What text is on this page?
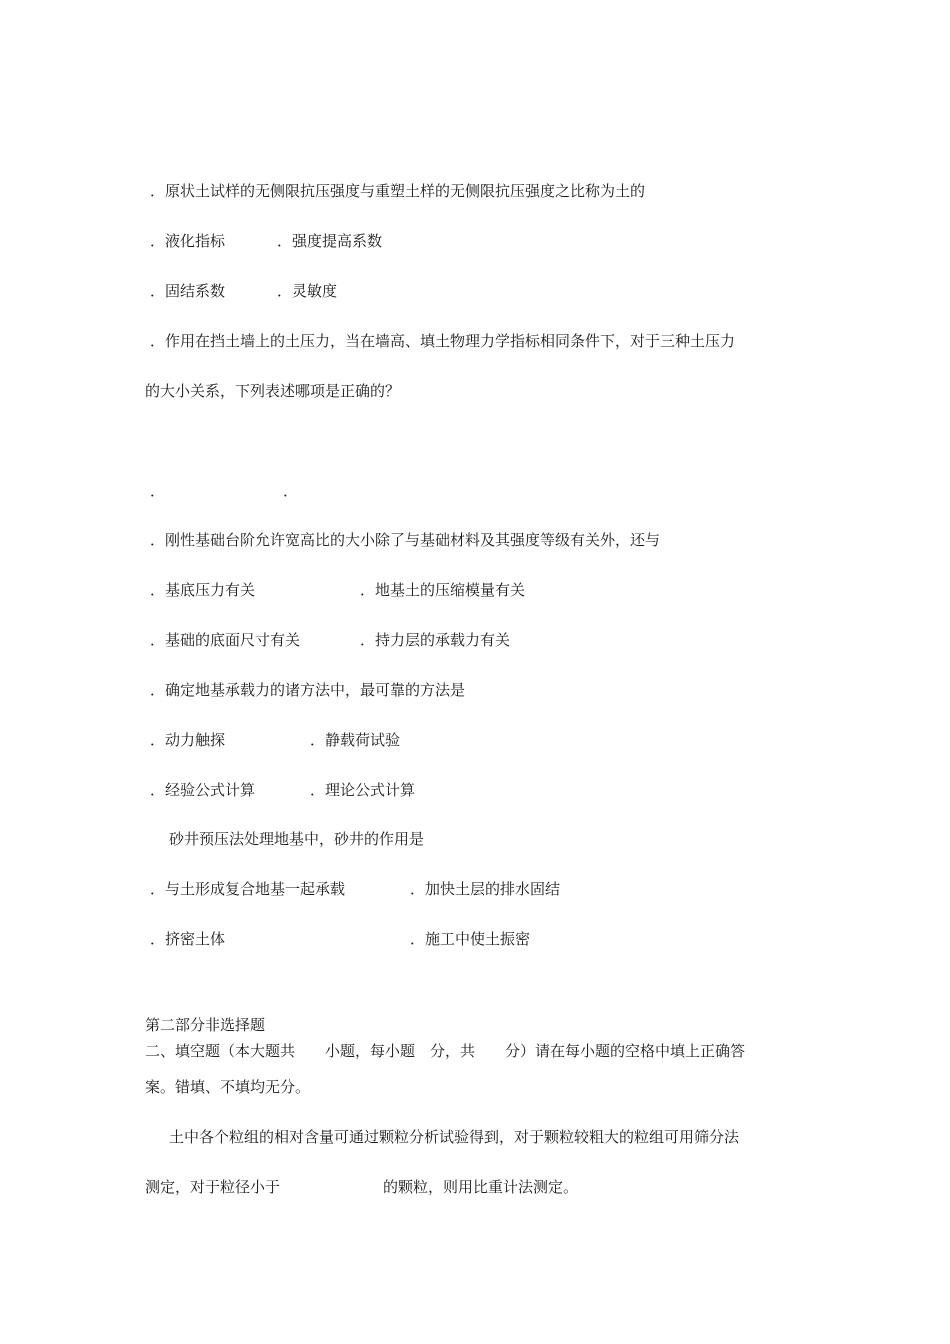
．原状土试样的无侧限抗压强度与重塑土样的无侧限抗压强度之比称为土的

．液化指标	．强度提高系数

．固结系数	．灵敏度

．作用在挡土墙上的土压力，当在墙高、填土物理力学指标相同条件下，对于三种土压力

的大小关系，下列表述哪项是正确的？

．	．

．刚性基础台阶允许宽高比的大小除了与基础材料及其强度等级有关外，还与

．基底压力有关	．地基土的压缩模量有关

．基础的底面尺寸有关	．持力层的承载力有关

．确定地基承载力的诸方法中，最可靠的方法是

．动力触探	．静载荷试验

．经验公式计算	．理论公式计算

砂井预压法处理地基中，砂井的作用是

．与土形成复合地基一起承载	．加快土层的排水固结

．挤密土体	．施工中使土振密

第二部分非选择题

二、填空题（本大题共　　小题，每小题　分，共　　分）请在每小题的空格中填上正确答

案。错填、不填均无分。

土中各个粒组的相对含量可通过颗粒分析试验得到，对于颗粒较粗大的粒组可用筛分法

测定，对于粒径小于	的颗粒，则用比重计法测定。
